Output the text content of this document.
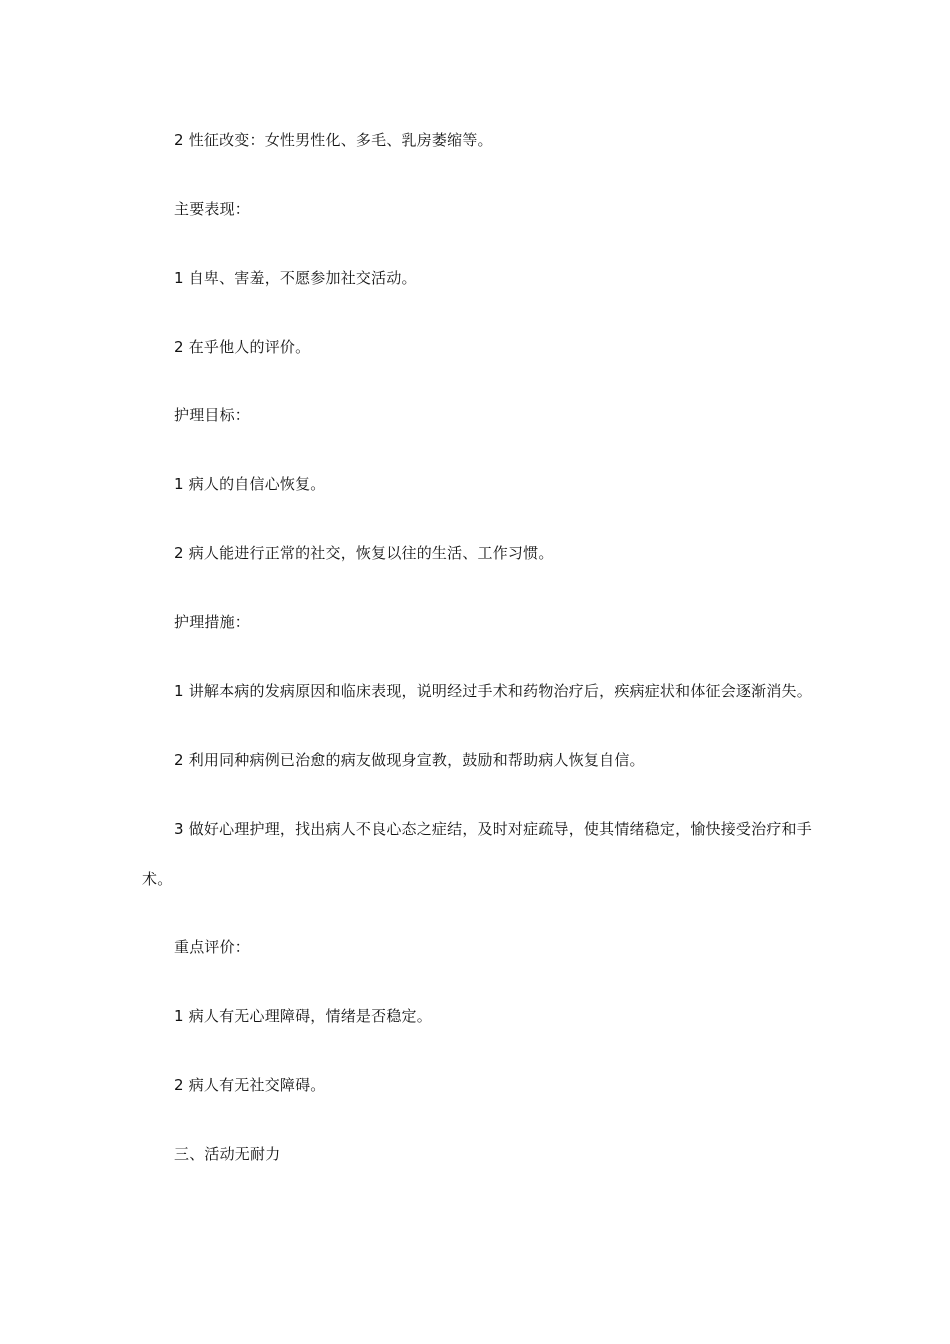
2 性征改变：女性男性化、多毛、乳房萎缩等。
主要表现：
1 自卑、害羞，不愿参加社交活动。
2 在乎他人的评价。
护理目标：
1 病人的自信心恢复。
2 病人能进行正常的社交，恢复以往的生活、工作习惯。
护理措施：
1 讲解本病的发病原因和临床表现，说明经过手术和药物治疗后，疾病症状和体征会逐渐消失。
2 利用同种病例已治愈的病友做现身宣教，鼓励和帮助病人恢复自信。
3 做好心理护理，找出病人不良心态之症结，及时对症疏导，使其情绪稳定，愉快接受治疗和手
术。
重点评价：
1 病人有无心理障碍，情绪是否稳定。
2 病人有无社交障碍。
三、活动无耐力
